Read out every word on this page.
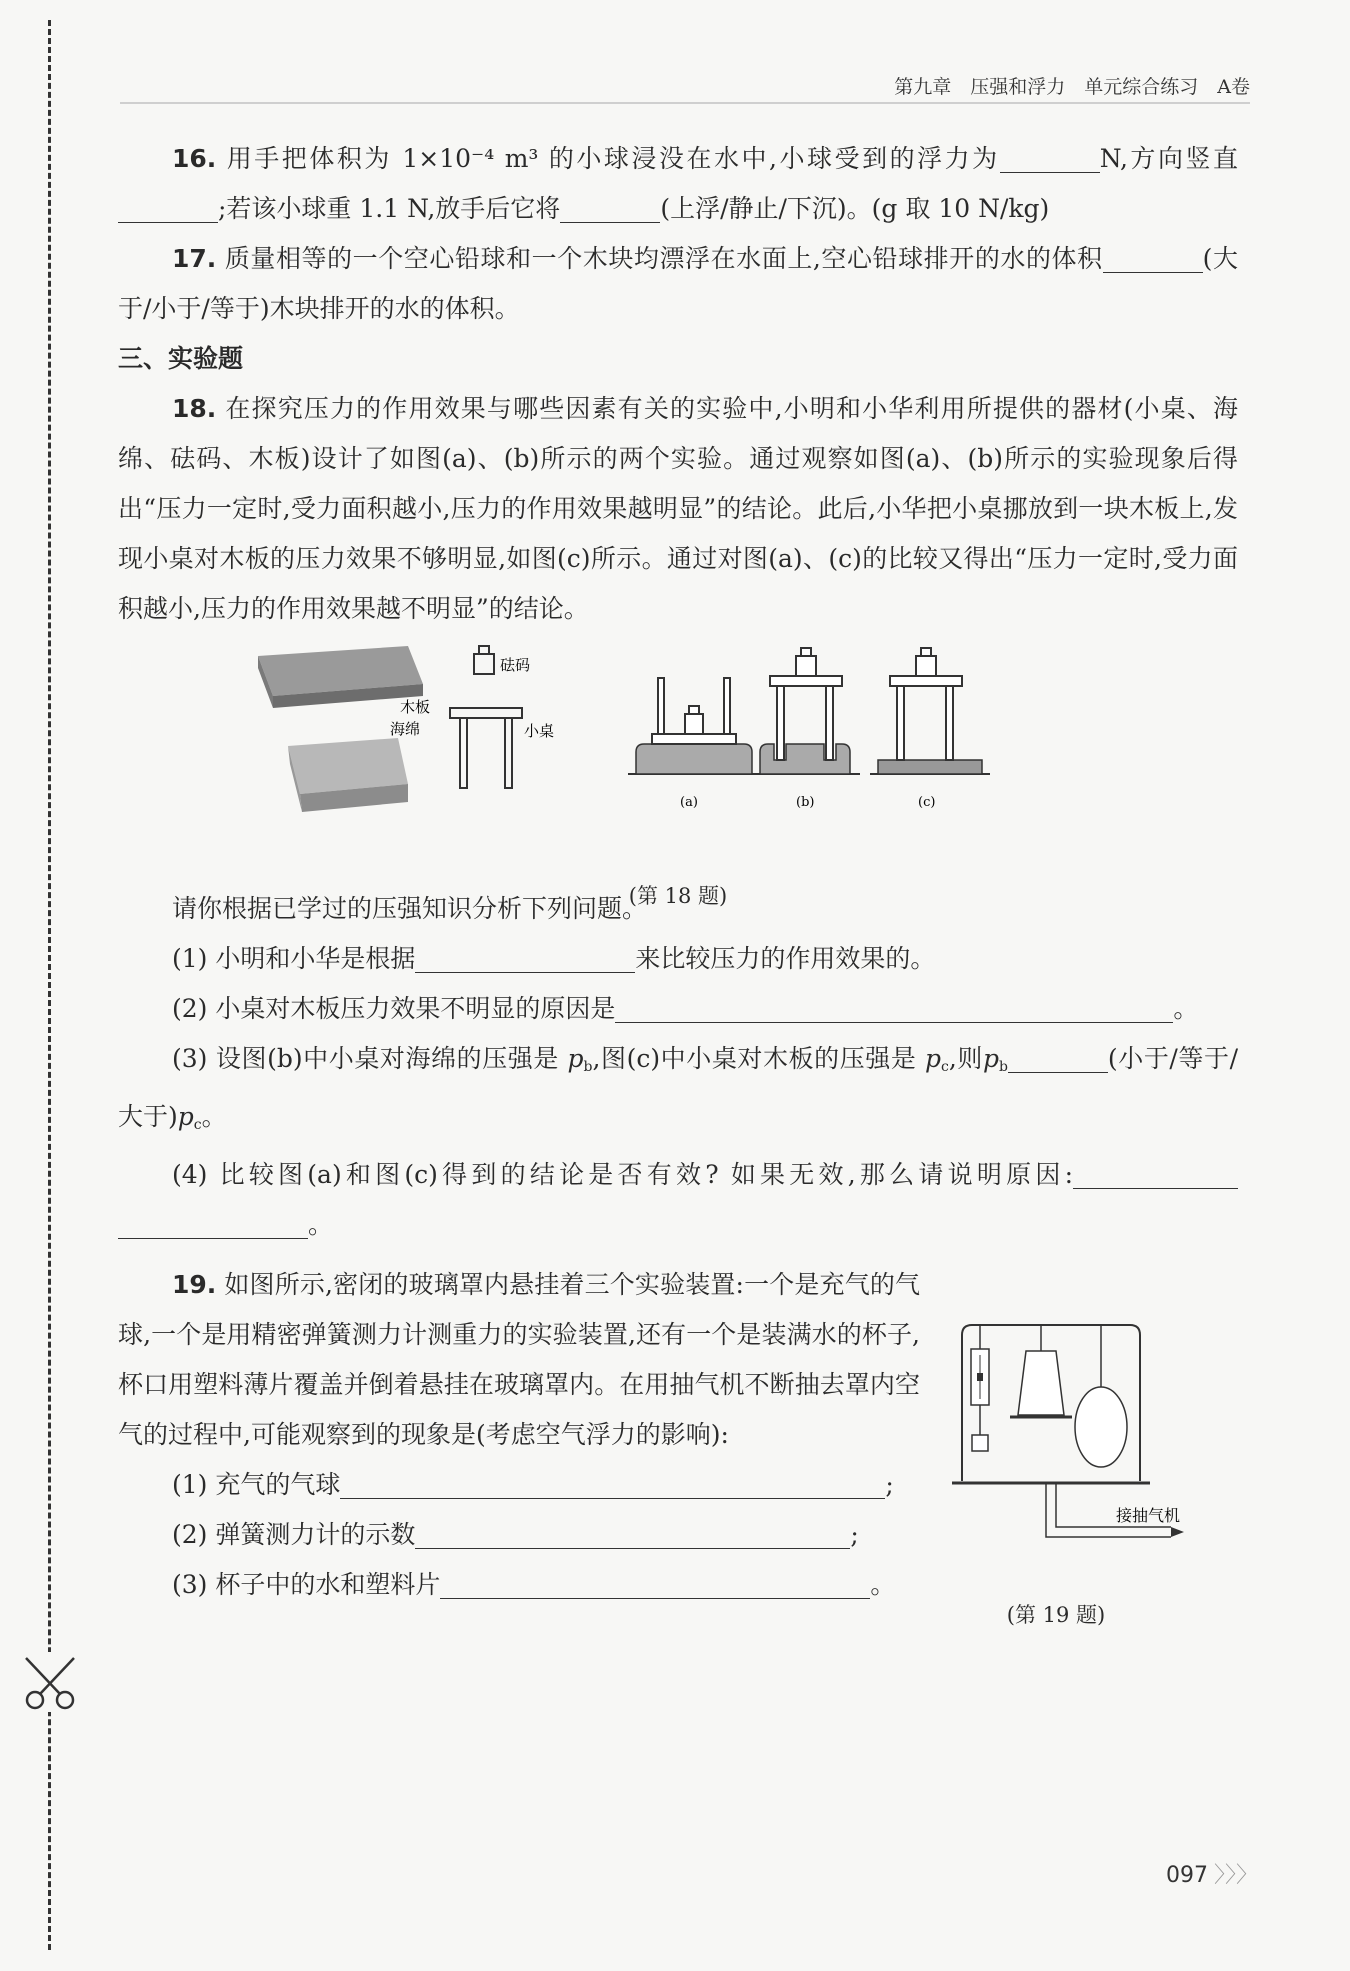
第九章　压强和浮力　单元综合练习　A卷

16. 用手把体积为 1×10⁻⁴ m³ 的小球浸没在水中,小球受到的浮力为	N,方向竖直;若该小球重 1.1 N,放手后它将	(上浮/静止/下沉)。(g 取 10 N/kg)

17. 质量相等的一个空心铅球和一个木块均漂浮在水面上,空心铅球排开的水的体积	(大于/小于/等于)木块排开的水的体积。

三、实验题

18. 在探究压力的作用效果与哪些因素有关的实验中,小明和小华利用所提供的器材(小桌、海绵、砝码、木板)设计了如图(a)、(b)所示的两个实验。通过观察如图(a)、(b)所示的实验现象后得出“压力一定时,受力面积越小,压力的作用效果越明显”的结论。此后,小华把小桌挪放到一块木板上,发现小桌对木板的压力效果不够明显,如图(c)所示。通过对图(a)、(c)的比较又得出“压力一定时,受力面积越小,压力的作用效果越不明显”的结论。

木板
海绵
砝码
小桌
(a)	(b)	(c)
(第 18 题)

请你根据已学过的压强知识分析下列问题。

(1) 小明和小华是根据	来比较压力的作用效果的。

(2) 小桌对木板压力效果不明显的原因是	。

(3) 设图(b)中小桌对海绵的压强是 $p_b$,图(c)中小桌对木板的压强是 $p_c$,则$p_b$	(小于/等于/大于)$p_c$。

(4) 比较图(a)和图(c)得到的结论是否有效? 如果无效,那么请说明原因: 。

19. 如图所示,密闭的玻璃罩内悬挂着三个实验装置:一个是充气的气球,一个是用精密弹簧测力计测重力的实验装置,还有一个是装满水的杯子,杯口用塑料薄片覆盖并倒着悬挂在玻璃罩内。在用抽气机不断抽去罩内空气的过程中,可能观察到的现象是(考虑空气浮力的影响):

(1) 充气的气球	;

(2) 弹簧测力计的示数	;

(3) 杯子中的水和塑料片	。

接抽气机
(第 19 题)
097 〉〉〉
